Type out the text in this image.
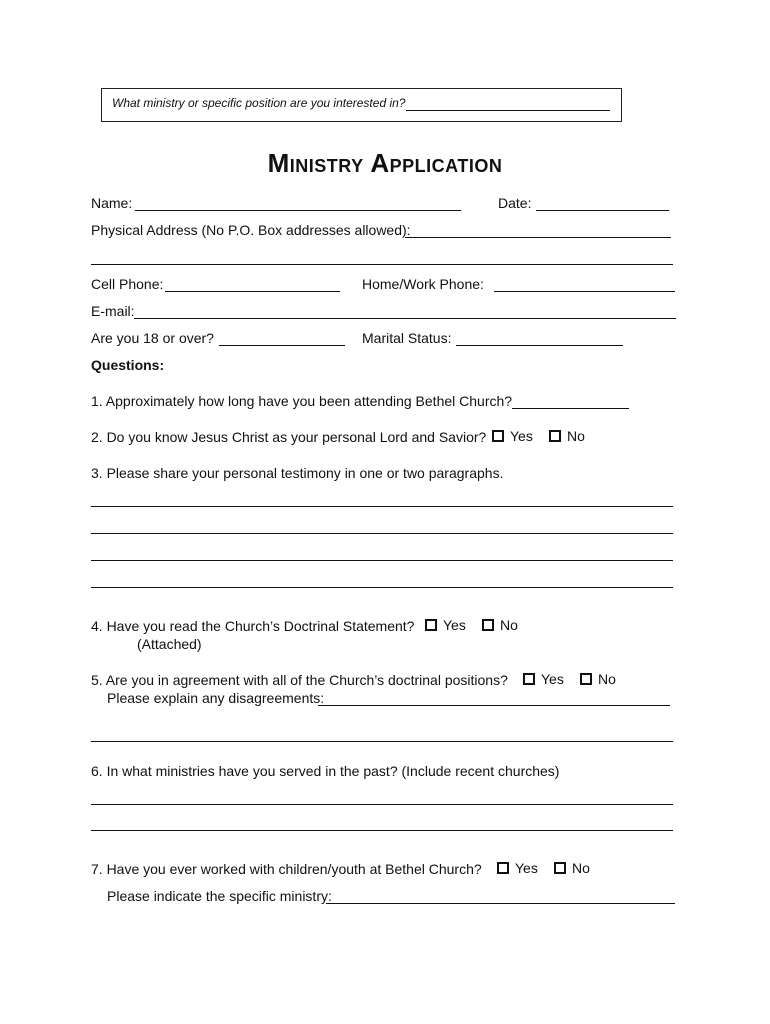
What ministry or specific position are you interested in?
Ministry Application
Name:	Date:
Physical Address (No P.O. Box addresses allowed):
Cell Phone:	Home/Work Phone:
E-mail:
Are you 18 or over?	Marital Status:
Questions:
1. Approximately how long have you been attending Bethel Church?
2. Do you know Jesus Christ as your personal Lord and Savior? Yes No
3. Please share your personal testimony in one or two paragraphs.
4. Have you read the Church’s Doctrinal Statement? Yes No
(Attached)
5. Are you in agreement with all of the Church’s doctrinal positions? Yes No
Please explain any disagreements:
6. In what ministries have you served in the past? (Include recent churches)
7. Have you ever worked with children/youth at Bethel Church? Yes No
Please indicate the specific ministry:
